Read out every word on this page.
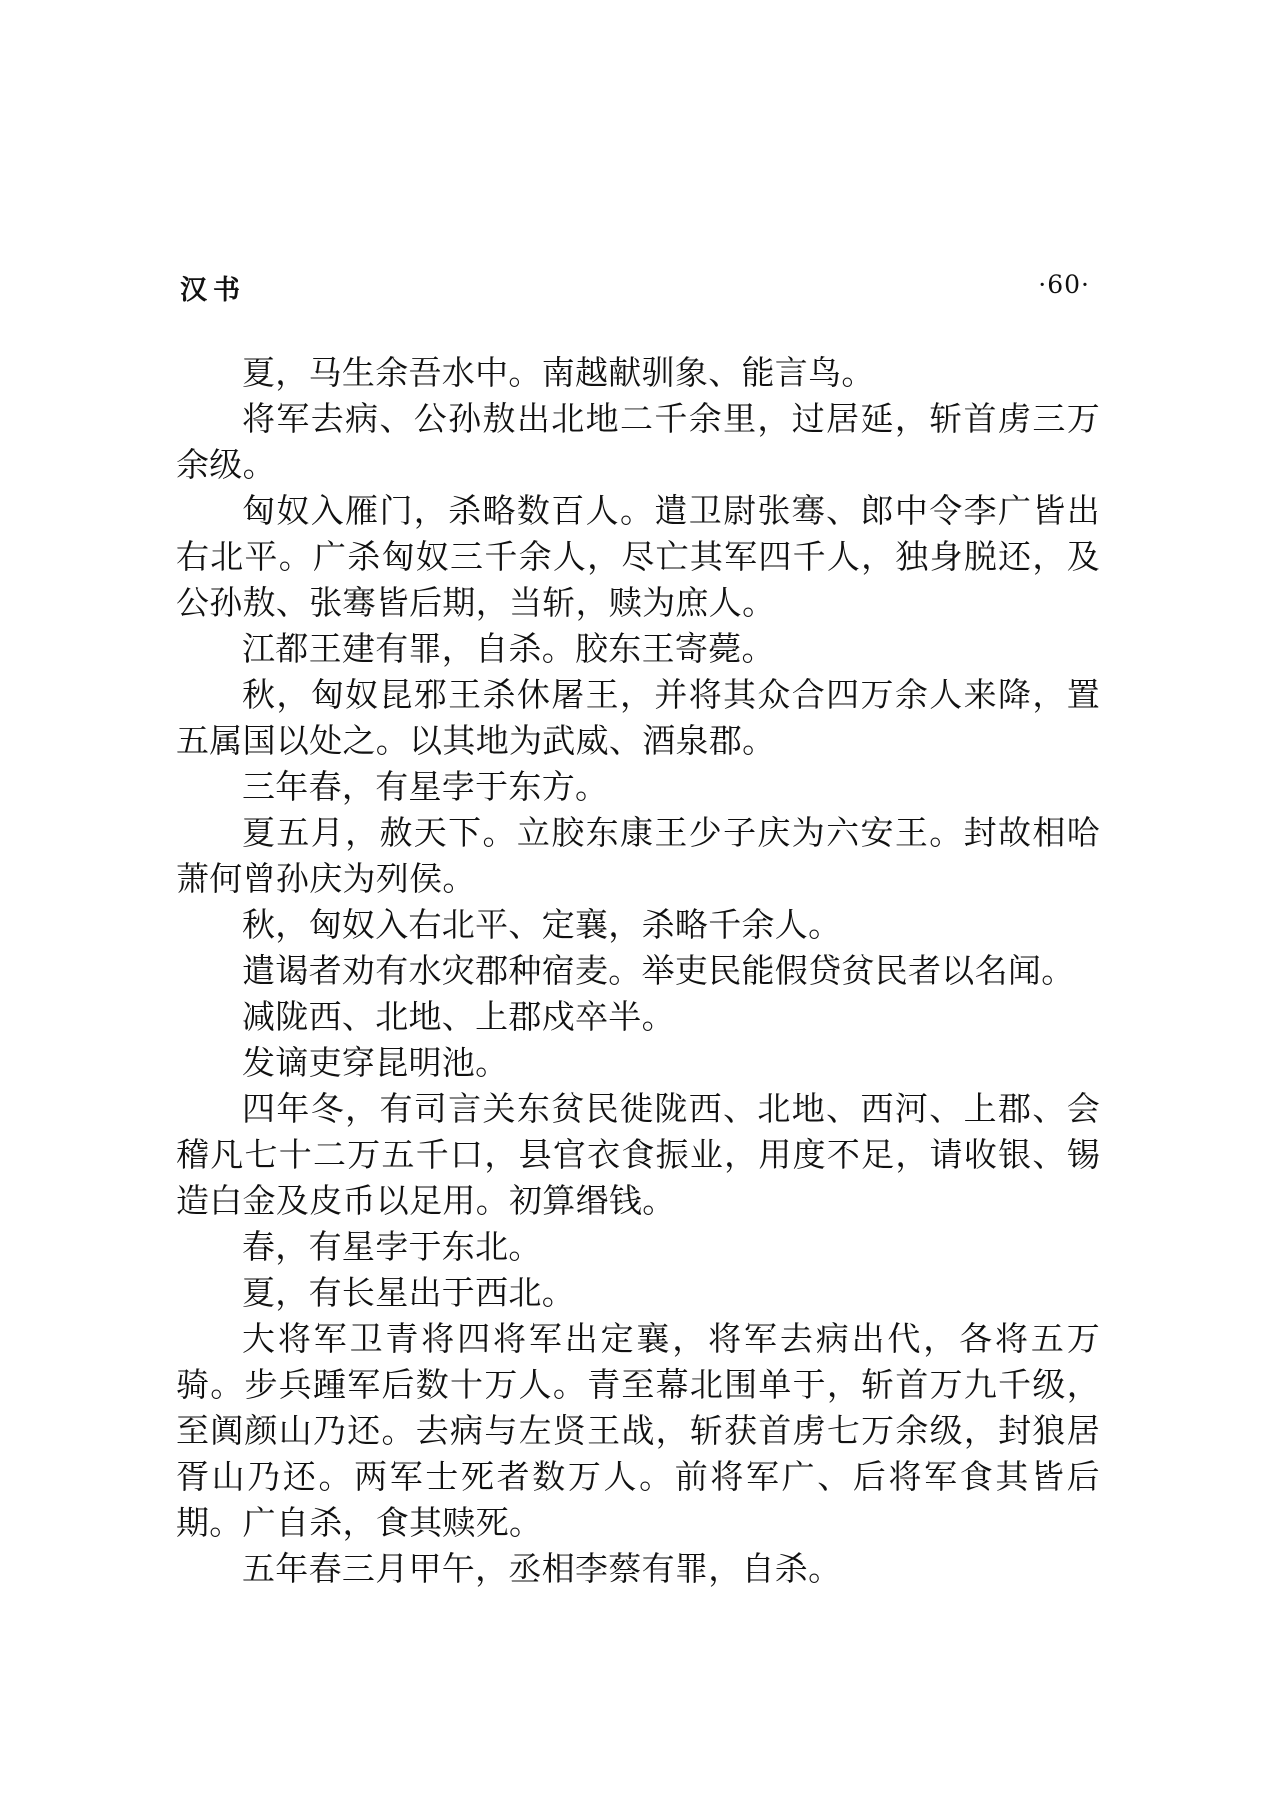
汉书	·60·

夏，马生余吾水中。南越献驯象、能言鸟。

将军去病、公孙敖出北地二千余里，过居延，斩首虏三万余级。

匈奴入雁门，杀略数百人。遣卫尉张骞、郎中令李广皆出右北平。广杀匈奴三千余人，尽亡其军四千人，独身脱还，及公孙敖、张骞皆后期，当斩，赎为庶人。

江都王建有罪，自杀。胶东王寄薨。

秋，匈奴昆邪王杀休屠王，并将其众合四万余人来降，置五属国以处之。以其地为武威、酒泉郡。

三年春，有星孛于东方。

夏五月，赦天下。立胶东康王少子庆为六安王。封故相哈萧何曾孙庆为列侯。

秋，匈奴入右北平、定襄，杀略千余人。

遣谒者劝有水灾郡种宿麦。举吏民能假贷贫民者以名闻。

减陇西、北地、上郡戍卒半。

发谪吏穿昆明池。

四年冬，有司言关东贫民徙陇西、北地、西河、上郡、会稽凡七十二万五千口，县官衣食振业，用度不足，请收银、锡造白金及皮币以足用。初算缗钱。

春，有星孛于东北。

夏，有长星出于西北。

大将军卫青将四将军出定襄，将军去病出代，各将五万骑。步兵踵军后数十万人。青至幕北围单于，斩首万九千级，至阗颜山乃还。去病与左贤王战，斩获首虏七万余级，封狼居胥山乃还。两军士死者数万人。前将军广、后将军食其皆后期。广自杀，食其赎死。

五年春三月甲午，丞相李蔡有罪，自杀。
